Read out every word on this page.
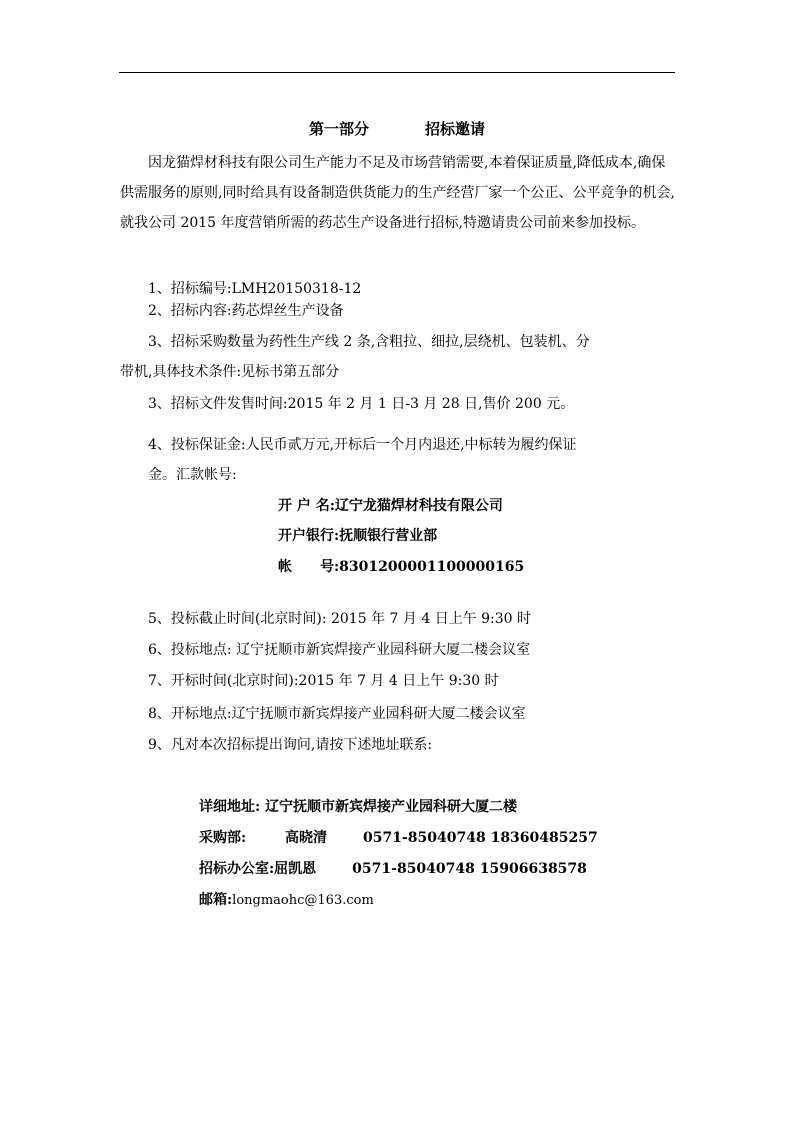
第一部分	招标邀请
因龙猫焊材科技有限公司生产能力不足及市场营销需要,本着保证质量,降低成本,确保供需服务的原则,同时给具有设备制造供货能力的生产经营厂家一个公正、公平竞争的机会,就我公司 2015 年度营销所需的药芯生产设备进行招标,特邀请贵公司前来参加投标。
1、招标编号:LMH20150318-12
2、招标内容:药芯焊丝生产设备
3、招标采购数量为药性生产线 2 条,含粗拉、细拉,层绕机、包装机、分
带机,具体技术条件:见标书第五部分
3、招标文件发售时间:2015 年 2 月 1 日-3 月 28 日,售价 200 元。
4、投标保证金:人民币贰万元,开标后一个月内退还,中标转为履约保证
金。汇款帐号:
开 户 名:辽宁龙猫焊材科技有限公司
开户银行:抚顺银行营业部
帐 号:8301200001100000165
5、投标截止时间(北京时间): 2015 年 7 月 4 日上午 9:30 时
6、投标地点: 辽宁抚顺市新宾焊接产业园科研大厦二楼会议室
7、开标时间(北京时间):2015 年 7 月 4 日上午 9:30 时
8、开标地点:辽宁抚顺市新宾焊接产业园科研大厦二楼会议室
9、凡对本次招标提出询问,请按下述地址联系:
详细地址: 辽宁抚顺市新宾焊接产业园科研大厦二楼
采购部:	高晓清	0571-85040748 18360485257
招标办公室:屈凯恩	0571-85040748 15906638578
邮箱:longmaohc@163.com
